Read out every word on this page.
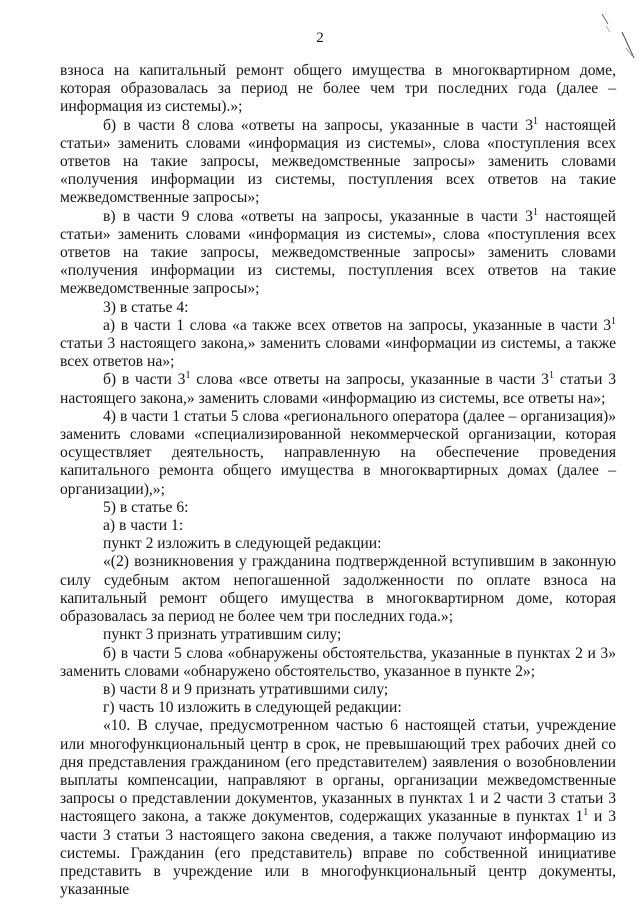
2

взноса на капитальный ремонт общего имущества в многоквартирном доме, которая образовалась за период не более чем три последних года (далее – информация из системы).»;

б) в части 8 слова «ответы на запросы, указанные в части $3^1$ настоящей статьи» заменить словами «информация из системы», слова «поступления всех ответов на такие запросы, межведомственные запросы» заменить словами «получения информации из системы, поступления всех ответов на такие межведомственные запросы»;

в) в части 9 слова «ответы на запросы, указанные в части $3^1$ настоящей статьи» заменить словами «информация из системы», слова «поступления всех ответов на такие запросы, межведомственные запросы» заменить словами «получения информации из системы, поступления всех ответов на такие межведомственные запросы»;

3) в статье 4:

а) в части 1 слова «а также всех ответов на запросы, указанные в части $3^1$ статьи 3 настоящего закона,» заменить словами «информации из системы, а также всех ответов на»;

б) в части $3^1$ слова «все ответы на запросы, указанные в части $3^1$ статьи 3 настоящего закона,» заменить словами «информацию из системы, все ответы на»;

4) в части 1 статьи 5 слова «регионального оператора (далее – организация)» заменить словами «специализированной некоммерческой организации, которая осуществляет деятельность, направленную на обеспечение проведения капитального ремонта общего имущества в многоквартирных домах (далее – организации),»;

5) в статье 6:

а) в части 1:

пункт 2 изложить в следующей редакции:

«(2) возникновения у гражданина подтвержденной вступившим в законную силу судебным актом непогашенной задолженности по оплате взноса на капитальный ремонт общего имущества в многоквартирном доме, которая образовалась за период не более чем три последних года.»;

пункт 3 признать утратившим силу;

б) в части 5 слова «обнаружены обстоятельства, указанные в пунктах 2 и 3» заменить словами «обнаружено обстоятельство, указанное в пункте 2»;

в) части 8 и 9 признать утратившими силу;

г) часть 10 изложить в следующей редакции:

«10. В случае, предусмотренном частью 6 настоящей статьи, учреждение или многофункциональный центр в срок, не превышающий трех рабочих дней со дня представления гражданином (его представителем) заявления о возобновлении выплаты компенсации, направляют в органы, организации межведомственные запросы о представлении документов, указанных в пунктах 1 и 2 части 3 статьи 3 настоящего закона, а также документов, содержащих указанные в пунктах $1^1$ и 3 части 3 статьи 3 настоящего закона сведения, а также получают информацию из системы. Гражданин (его представитель) вправе по собственной инициативе представить в учреждение или в многофункциональный центр документы, указанные
